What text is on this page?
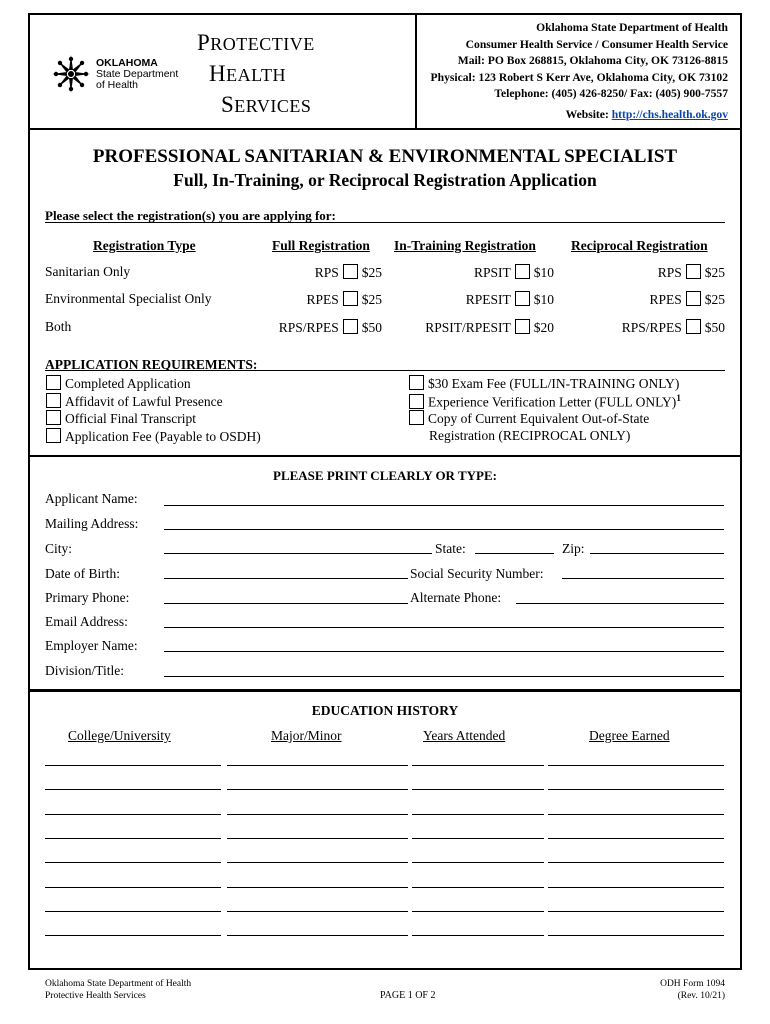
OKLAHOMA
State Department
of Health
PROTECTIVE
HEALTH
SERVICES
Oklahoma State Department of Health
Consumer Health Service / Consumer Health Service
Mail: PO Box 268815, Oklahoma City, OK 73126-8815
Physical: 123 Robert S Kerr Ave, Oklahoma City, OK 73102
Telephone: (405) 426-8250/ Fax: (405) 900-7557
Website: http://chs.health.ok.gov
PROFESSIONAL SANITARIAN & ENVIRONMENTAL SPECIALIST
Full, In-Training, or Reciprocal Registration Application
Please select the registration(s) you are applying for:
Registration Type	Full Registration In-Training Registration	Reciprocal Registration
Sanitarian Only	RPS $25	RPSIT $10	RPS $25
Environmental Specialist Only	RPES $25	RPESIT $10	RPES $25
Both	RPS/RPES $50	RPSIT/RPESIT $20	RPS/RPES $50
APPLICATION REQUIREMENTS:
Completed Application
Affidavit of Lawful Presence
Official Final Transcript
Application Fee (Payable to OSDH)
$30 Exam Fee (FULL/IN-TRAINING ONLY)
Experience Verification Letter (FULL ONLY)$^1$
Copy of Current Equivalent Out-of-State
Registration (RECIPROCAL ONLY)
PLEASE PRINT CLEARLY OR TYPE:
Applicant Name:
Mailing Address:
City:	State:	Zip:
Date of Birth:	Social Security Number:
Primary Phone:	Alternate Phone:
Email Address:
Employer Name:
Division/Title:
EDUCATION HISTORY
College/University	Major/Minor	Years Attended	Degree Earned
Oklahoma State Department of Health
Protective Health Services	PAGE 1 OF 2
ODH Form 1094
(Rev. 10/21)
